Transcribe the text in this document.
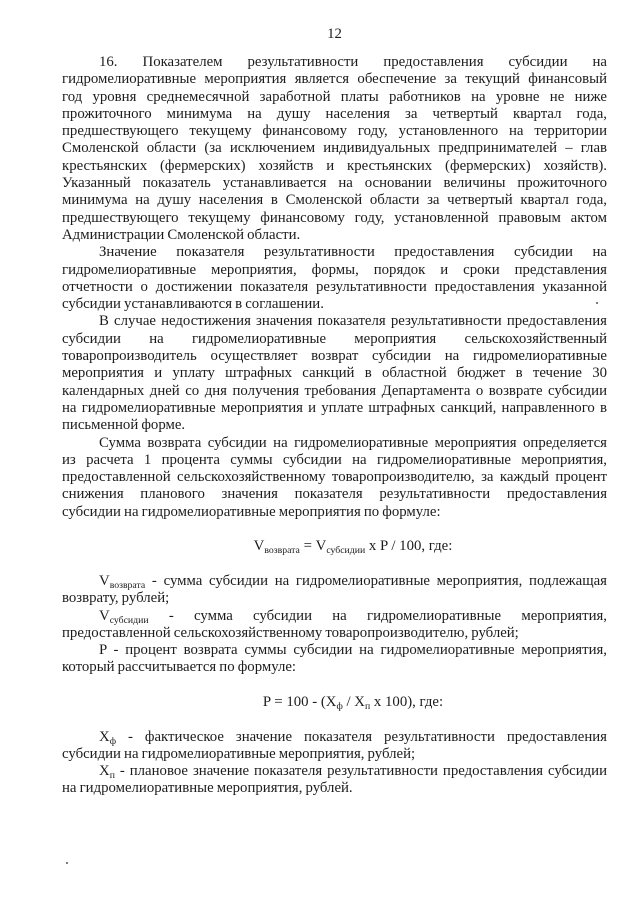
12
16. Показателем результативности предоставления субсидии на
гидромелиоративные мероприятия является обеспечение за текущий финансовый
год уровня среднемесячной заработной платы работников на уровне не ниже
прожиточного минимума на душу населения за четвертый квартал года,
предшествующего текущему финансовому году, установленного на территории
Смоленской области (за исключением индивидуальных предпринимателей – глав
крестьянских (фермерских) хозяйств и крестьянских (фермерских) хозяйств).
Указанный показатель устанавливается на основании величины прожиточного
минимума на душу населения в Смоленской области за четвертый квартал года,
предшествующего текущему финансовому году, установленной правовым актом
Администрации Смоленской области.
Значение показателя результативности предоставления субсидии на
гидромелиоративные мероприятия, формы, порядок и сроки представления
отчетности о достижении показателя результативности предоставления указанной
субсидии устанавливаются в соглашении.
В случае недостижения значения показателя результативности предоставления
субсидии на гидромелиоративные мероприятия сельскохозяйственный
товаропроизводитель осуществляет возврат субсидии на гидромелиоративные
мероприятия и уплату штрафных санкций в областной бюджет в течение 30
календарных дней со дня получения требования Департамента о возврате субсидии
на гидромелиоративные мероприятия и уплате штрафных санкций, направленного в
письменной форме.
Сумма возврата субсидии на гидромелиоративные мероприятия определяется
из расчета 1 процента суммы субсидии на гидромелиоративные мероприятия,
предоставленной сельскохозяйственному товаропроизводителю, за каждый процент
снижения планового значения показателя результативности предоставления
субсидии на гидромелиоративные мероприятия по формуле:
$V_{возврата} = V_{субсидии}$ x P / 100, где:
$V_{возврата}$ - сумма субсидии на гидромелиоративные мероприятия, подлежащая
возврату, рублей;
$V_{субсидии}$ - сумма субсидии на гидромелиоративные мероприятия,
предоставленной сельскохозяйственному товаропроизводителю, рублей;
P - процент возврата суммы субсидии на гидромелиоративные мероприятия,
который рассчитывается по формуле:
$P = 100 - (X_ф / X_п$ x 100), где:
$X_ф$ - фактическое значение показателя результативности предоставления
субсидии на гидромелиоративные мероприятия, рублей;
$X_п$ - плановое значение показателя результативности предоставления субсидии
на гидромелиоративные мероприятия, рублей.
